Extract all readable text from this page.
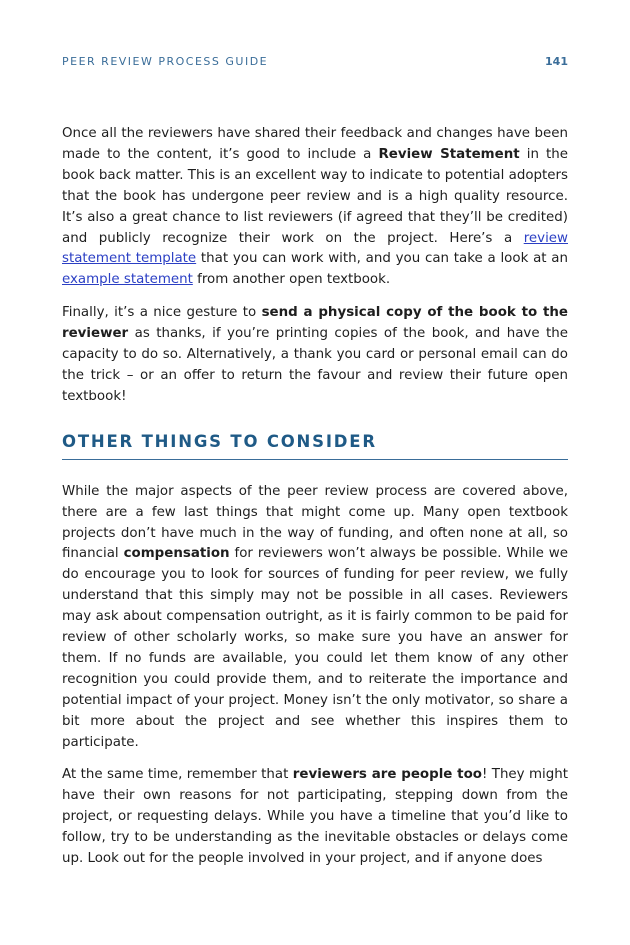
PEER REVIEW PROCESS GUIDE	141

Once all the reviewers have shared their feedback and changes have been made to the content, it’s good to include a Review Statement in the book back matter. This is an excellent way to indicate to potential adopters that the book has undergone peer review and is a high quality resource. It’s also a great chance to list reviewers (if agreed that they’ll be credited) and publicly recognize their work on the project. Here’s a review statement template that you can work with, and you can take a look at an example statement from another open textbook.

Finally, it’s a nice gesture to send a physical copy of the book to the reviewer as thanks, if you’re printing copies of the book, and have the capacity to do so. Alternatively, a thank you card or personal email can do the trick – or an offer to return the favour and review their future open textbook!

OTHER THINGS TO CONSIDER

While the major aspects of the peer review process are covered above, there are a few last things that might come up. Many open textbook projects don’t have much in the way of funding, and often none at all, so financial compensation for reviewers won’t always be possible. While we do encourage you to look for sources of funding for peer review, we fully understand that this simply may not be possible in all cases. Reviewers may ask about compensation outright, as it is fairly common to be paid for review of other scholarly works, so make sure you have an answer for them. If no funds are available, you could let them know of any other recognition you could provide them, and to reiterate the importance and potential impact of your project. Money isn’t the only motivator, so share a bit more about the project and see whether this inspires them to participate.

At the same time, remember that reviewers are people too! They might have their own reasons for not participating, stepping down from the project, or requesting delays. While you have a timeline that you’d like to follow, try to be understanding as the inevitable obstacles or delays come up. Look out for the people involved in your project, and if anyone does
